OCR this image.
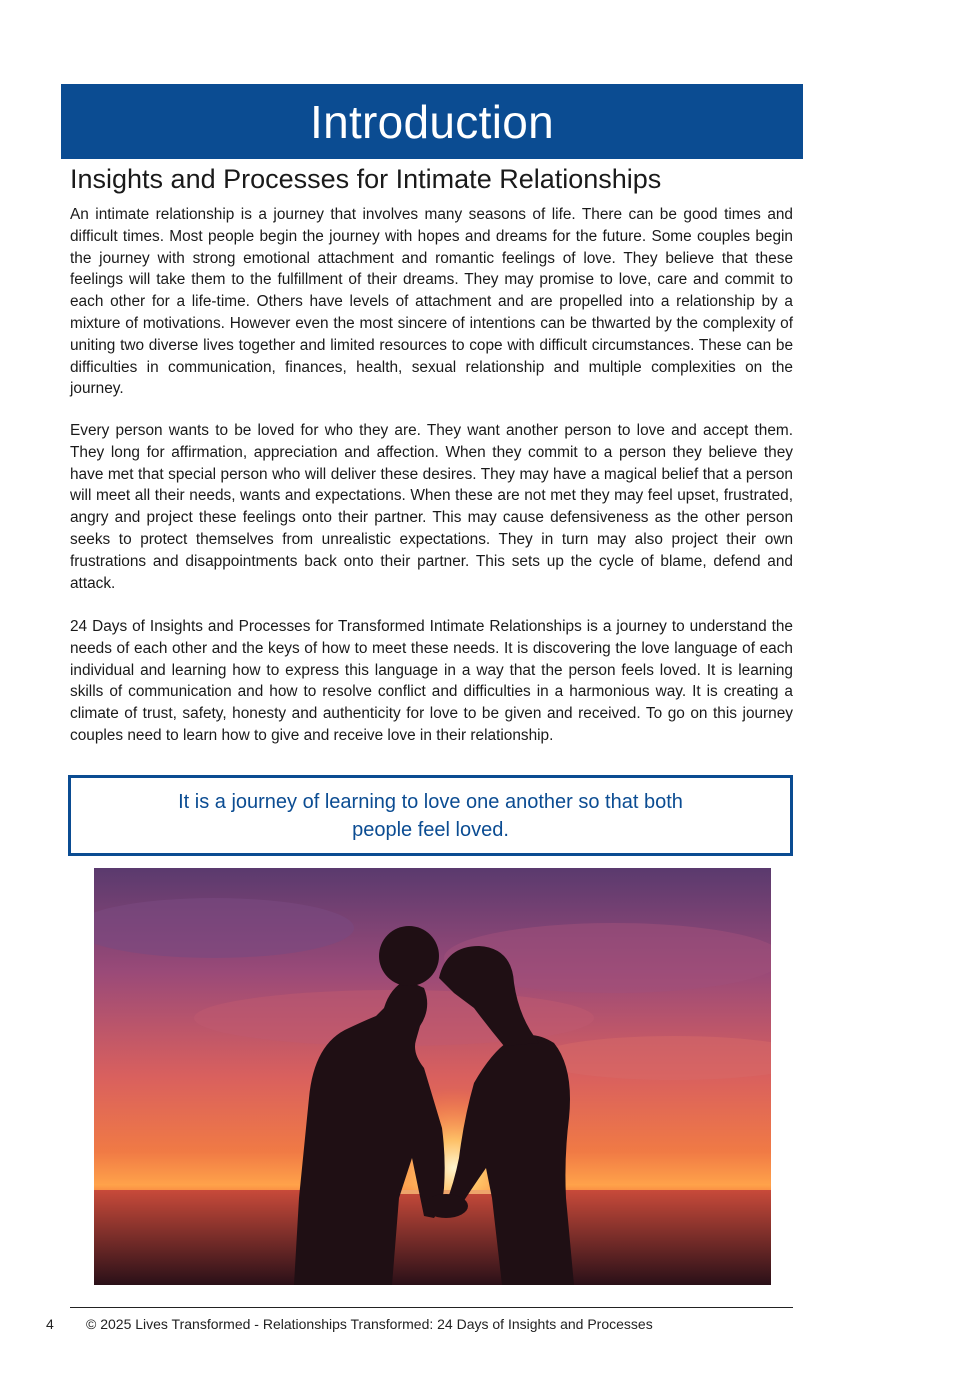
Introduction
Insights and Processes for Intimate Relationships

An intimate relationship is a journey that involves many seasons of life. There can be good times and difficult times. Most people begin the journey with hopes and dreams for the future. Some couples begin the journey with strong emotional attachment and romantic feelings of love. They believe that these feelings will take them to the fulfillment of their dreams. They may promise to love, care and commit to each other for a life-time. Others have levels of attachment and are propelled into a relationship by a mixture of motivations. However even the most sincere of intentions can be thwarted by the complexity of uniting two diverse lives together and limited resources to cope with difficult circumstances. These can be difficulties in communication, finances, health, sexual relationship and multiple complexities on the journey.

Every person wants to be loved for who they are. They want another person to love and accept them. They long for affirmation, appreciation and affection. When they commit to a person they believe they have met that special person who will deliver these desires. They may have a magical belief that a person will meet all their needs, wants and expectations. When these are not met they may feel upset, frustrated, angry and project these feelings onto their partner. This may cause defensiveness as the other person seeks to protect themselves from unrealistic expectations. They in turn may also project their own frustrations and disappointments back onto their partner. This sets up the cycle of blame, defend and attack.

24 Days of Insights and Processes for Transformed Intimate Relationships is a journey to understand the needs of each other and the keys of how to meet these needs. It is discovering the love language of each individual and learning how to express this language in a way that the person feels loved. It is learning skills of communication and how to resolve conflict and difficulties in a harmonious way. It is creating a climate of trust, safety, honesty and authenticity for love to be given and received. To go on this journey couples need to learn how to give and receive love in their relationship.

It is a journey of learning to love one another so that both people feel loved.

4 © 2025 Lives Transformed - Relationships Transformed: 24 Days of Insights and Processes
